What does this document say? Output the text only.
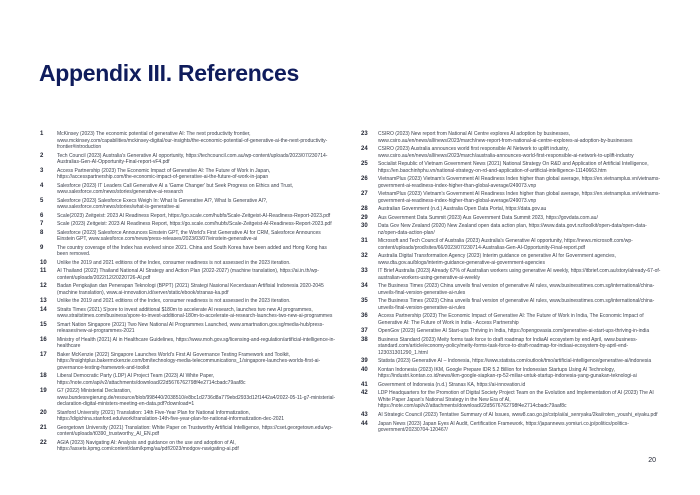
Appendix III. References
1	McKinsey (2023) The economic potential of generative AI: The next productivity frontier, www.mckinsey.com/capabilities/mckinsey-digital/our-insights/the-economic-potential-of-generative-ai-the-next-productivity-frontier#introduction
2	Tech Council (2023) Australia's Generative AI opportunity, https://techcouncil.com.au/wp-content/uploads/2023/07/230714-Australias-Gen-AI-Opportunity-Final-report-vF4.pdf
3	Access Partnership (2023) The Economic Impact of Generative AI: The Future of Work in Japan, https://accesspartnership.com/the-economic-impact-of-generative-ai-the-future-of-work-in-japan
4	Salesforce (2023) IT Leaders Call Generative AI a 'Game Changer' but Seek Progress on Ethics and Trust, www.salesforce.com/news/stories/generative-ai-research
5	Salesforce (2023) Salesforce Execs Weigh In: What Is Generative AI?, What Is Generative AI?, www.salesforce.com/news/stories/what-is-generative-ai
6	Scale(2023) Zeitgeist: 2023 AI Readiness Report, https://go.scale.com/hubfs/Scale-Zeitgeist-AI-Readiness-Report-2023.pdf
7	Scale (2023) Zeitgeist: 2023 AI Readiness Report, https://go.scale.com/hubfs/Scale-Zeitgeist-AI-Readiness-Report-2023.pdf
8	Salesforce (2023) Salesforce Announces Einstein GPT, the World's First Generative AI for CRM, Salesforce Announces Einstein GPT, www.salesforce.com/news/press-releases/2023/03/07/einstein-generative-ai
9	The country coverage of the Index has evolved since 2021. China and South Korea have been added and Hong Kong has been removed.
10	Unlike the 2019 and 2021 editions of the Index, consumer readiness is not assessed in the 2023 iteration.
11	AI Thailand (2022) Thailand National AI Strategy and Action Plan (2022-2027) (machine translation), https://ai.in.th/wp-content/uploads/2022/12/20220726-AI.pdf
12	Badan Pengkajian dan Penerapan Teknologi (BPPT) (2021) Strategi Nasional Kecerdasan Artifisial Indonesia 2020-2045 (machine translation), www.ai-innovation.id/server/static/ebook/stranas-ka.pdf
13	Unlike the 2019 and 2021 editions of the Index, consumer readiness is not assessed in the 2023 iteration.
14	Straits Times (2021) S'pore to invest additional $180m to accelerate AI research, launches two new AI programmes, www.straitstimes.com/business/spore-to-invest-additional-180m-to-accelerate-ai-research-launches-two-new-ai-programmes
15	Smart Nation Singapore (2021) Two New National AI Programmes Launched, www.smartnation.gov.sg/media-hub/press-releases/new-ai-programmes-2021
16	Ministry of Health (2021) AI in Healthcare Guidelines, https://www.moh.gov.sg/licensing-and-regulation/artificial-intelligence-in-healthcare
17	Baker McKenzie (2022) Singapore Launches World's First AI Governance Testing Framework and Toolkit, https://insightplus.bakermckenzie.com/bm/technology-media-telecommunications_1/singapore-launches-worlds-first-ai-governance-testing-framework-and-toolkit
18	Liberal Democratic Party (LDP) AI Project Team (2023) AI White Paper, https://note.com/api/v2/attachments/download/22d5676762798f4e2714cbadc79aaf8c
19	G7 (2022) Ministerial Declaration, www.bundesregierung.de/resource/blob/998440/2038510/e8bc1d2736d8a779ebd2933d12f1442a4/2022-05-11-g7-ministerial-declaration-digital-ministers-meeting-en-data.pdf?download=1
20	Stanford University (2021) Translation: 14th Five-Year Plan for National Informatization, https://digichina.stanford.edu/work/translation-14th-five-year-plan-for-national-informatization-dec-2021
21	Georgetown University (2021) Translation: White Paper on Trustworthy Artificial Intelligence, https://cset.georgetown.edu/wp-content/uploads/t0390_trustworthy_AI_EN.pdf
22	AGIA (2023) Navigating AI: Analysis and guidance on the use and adoption of AI, https://assets.kpmg.com/content/dam/kpmg/au/pdf/2023/modgov-navigating-ai.pdf
23	CSIRO (2023) New report from National AI Centre explores AI adoption by businesses, www.csiro.au/en/news/all/news/2023/march/new-report-from-national-ai-centre-explores-ai-adoption-by-businesses
24	CSIRO (2023) Australia announces world first responsible AI Network to uplift industry, www.csiro.au/en/news/all/news/2023/march/australia-announces-world-first-responsible-ai-network-to-uplift-industry
25	Socialist Republic of Vietnam Government News (2021) National Strategy On R&D and Application of Artificial Intelligence, https://en.baochinhphu.vn/national-strategy-on-rd-and-application-of-artificial-intelligence-11140663.htm
26	VietnamPlus (2023) Vietnam's Government AI Readiness Index higher than global average, https://en.vietnamplus.vn/vietnams-government-ai-readiness-index-higher-than-global-average/249073.vnp
27	VietnamPlus (2023) Vietnam's Government AI Readiness Index higher than global average, https://en.vietnamplus.vn/vietnams-government-ai-readiness-index-higher-than-global-average/249073.vnp
28	Australian Government (n.d.) Australia Open Data Portal, https://data.gov.au
29	Aus Government Data Summit (2023) Aus Government Data Summit 2023, https://govdata.com.au/
30	Data Gov New Zealand (2020) New Zealand open data action plan, https://www.data.govt.nz/toolkit/open-data/open-data-nz/open-data-action-plan/
31	Microsoft and Tech Council of Australia (2023) Australia's Generative AI opportunity, https://news.microsoft.com/wp-content/uploads/prod/sites/66/2023/07/230714-Australias-Gen-AI-Opportunity-Final-report.pdf
32	Australia Digital Transformation Agency (2023) Interim guidance on generative AI for Government agencies, www.dta.gov.au/blogs/interim-guidance-generative-ai-government-agencies
33	IT Brief Australia (2023) Already 67% of Australian workers using generative AI weekly, https://itbrief.com.au/story/already-67-of-australian-workers-using-generative-ai-weekly
34	The Business Times (2023) China unveils final version of generative AI rules, www.businesstimes.com.sg/international/china-unveils-final-version-generative-ai-rules
35	The Business Times (2023) China unveils final version of generative AI rules, www.businesstimes.com.sg/international/china-unveils-final-version-generative-ai-rules
36	Access Partnership (2023) The Economic Impact of Generative AI: The Future of Work in India, The Economic Impact of Generative AI: The Future of Work in India - Access Partnership
37	OpenGov (2023) Generative AI Start-ups Thriving in India, https://opengovasia.com/generative-ai-start-ups-thriving-in-india
38	Business Standard (2023) Meity forms task force to draft roadmap for IndiaAI ecosystem by end April, www.business-standard.com/article/economy-policy/meity-forms-task-force-to-draft-roadmap-for-indiaai-ecosystem-by-april-end-123031301290_1.html
39	Statista (2023) Generative AI – Indonesia, https://www.statista.com/outlook/tmo/artificial-intelligence/generative-ai/indonesia
40	Kontan Indonesia (2023) IKM, Google Prepare IDR 5.2 Billion for Indonesian Startups Using AI Technology, https://industri.kontan.co.id/news/ikm-google-siapkan-rp-52-miliar-untuk-startup-indonesia-yang-gunakan-teknologi-ai
41	Government of Indonesia (n.d.) Stranas KA, https://ai-innovation.id
42	LDP Headquarters for the Promotion of Digital Society Project Team on the Evolution and Implementation of AI (2023) The AI White Paper Japan's National Strategy in the New Era of AI, https://note.com/api/v2/attachments/download/22d5676762798f4e2714cbadc79aaf8c
43	AI Strategic Council (2023) Tentative Summary of AI Issues, www8.cao.go.jp/cstp/ai/ai_senryaku/2kai/roten_youshi_eiyaku.pdf
44	Japan News (2023) Japan Eyes AI Audit, Certification Framework, https://japannews.yomiuri.co.jp/politics/politics-government/20230704-120467/
20
